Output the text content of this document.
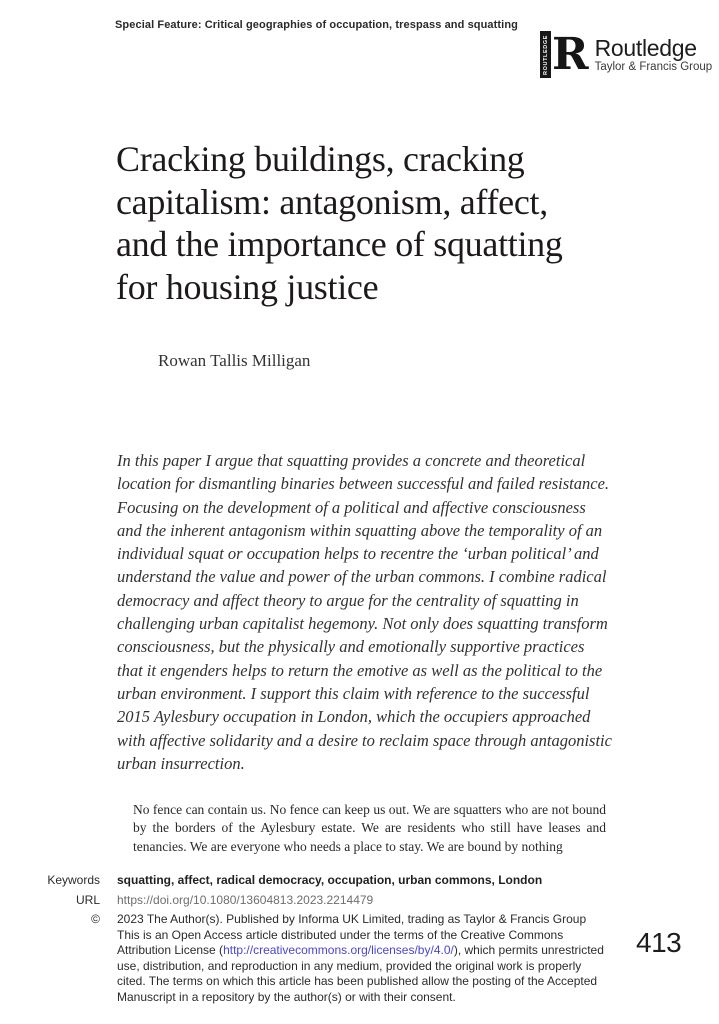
Special Feature: Critical geographies of occupation, trespass and squatting
ROUTLEDGE R Routledge
Taylor & Francis Group
Cracking buildings, cracking
capitalism: antagonism, affect,
and the importance of squatting
for housing justice
Rowan Tallis Milligan
In this paper I argue that squatting provides a concrete and theoretical location for dismantling binaries between successful and failed resistance. Focusing on the development of a political and affective consciousness and the inherent antagonism within squatting above the temporality of an individual squat or occupation helps to recentre the ‘urban political’ and understand the value and power of the urban commons. I combine radical democracy and affect theory to argue for the centrality of squatting in challenging urban capitalist hegemony. Not only does squatting transform consciousness, but the physically and emotionally supportive practices that it engenders helps to return the emotive as well as the political to the urban environment. I support this claim with reference to the successful 2015 Aylesbury occupation in London, which the occupiers approached with affective solidarity and a desire to reclaim space through antagonistic urban insurrection.
No fence can contain us. No fence can keep us out. We are squatters who are not bound by the borders of the Aylesbury estate. We are residents who still have leases and tenancies. We are everyone who needs a place to stay. We are bound by nothing
Keywords squatting, affect, radical democracy, occupation, urban commons, London
URL https://doi.org/10.1080/13604813.2023.2214479
© 2023 The Author(s). Published by Informa UK Limited, trading as Taylor & Francis Group
This is an Open Access article distributed under the terms of the Creative Commons Attribution License (http://creativecommons.org/licenses/by/4.0/), which permits unrestricted use, distribution, and reproduction in any medium, provided the original work is properly cited. The terms on which this article has been published allow the posting of the Accepted Manuscript in a repository by the author(s) or with their consent.
413
